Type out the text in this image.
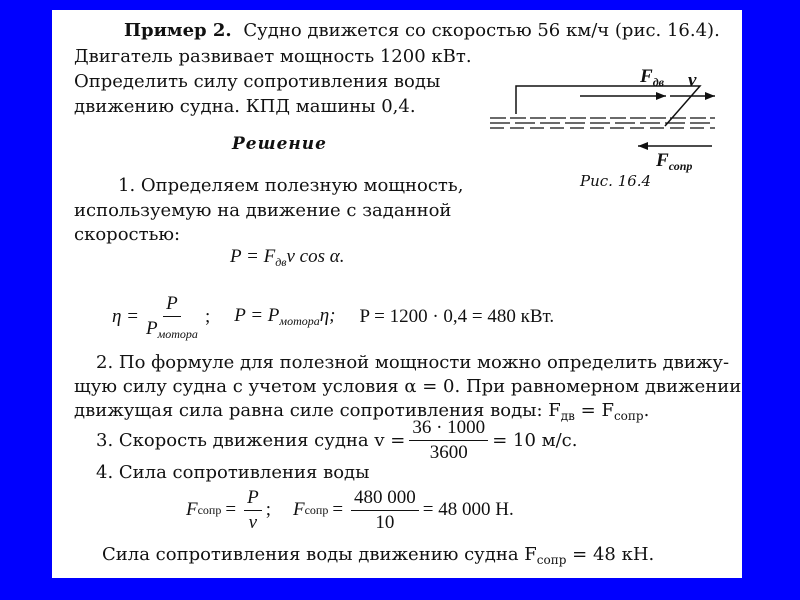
Пример 2. Судно движется со скоростью 56 км/ч (рис. 16.4).
Двигатель развивает мощность 1200 кВт.
Определить силу сопротивления воды
движению судна. КПД машины 0,4.
$F_{дв}$ v
$F_{сопр}$
Рис. 16.4
Решение
1. Определяем полезную мощность,
используемую на движение с заданной
скоростью:
$P = F_{дв}v$ cos α.
$\eta = \frac{P}{P_{мотора}}$ ; $P = P_{мотора}\eta$; P = 1200 · 0,4 = 480 кВт.
2. По формуле для полезной мощности можно определить движу-
щую силу судна с учетом условия α = 0. При равномерном движении
движущая сила равна силе сопротивления воды: $F_{дв} = F_{сопр}$.
3. Скорость движения судна $v = \frac{36 \cdot 1000}{3600} = 10$ м/с.
4. Сила сопротивления воды
F сопр = $\frac{P}{v}$ ; F сопр = $\frac{480 000}{10} = 48$ 000 Н.
Сила сопротивления воды движению судна $F_{сопр} = 48$ кН.
